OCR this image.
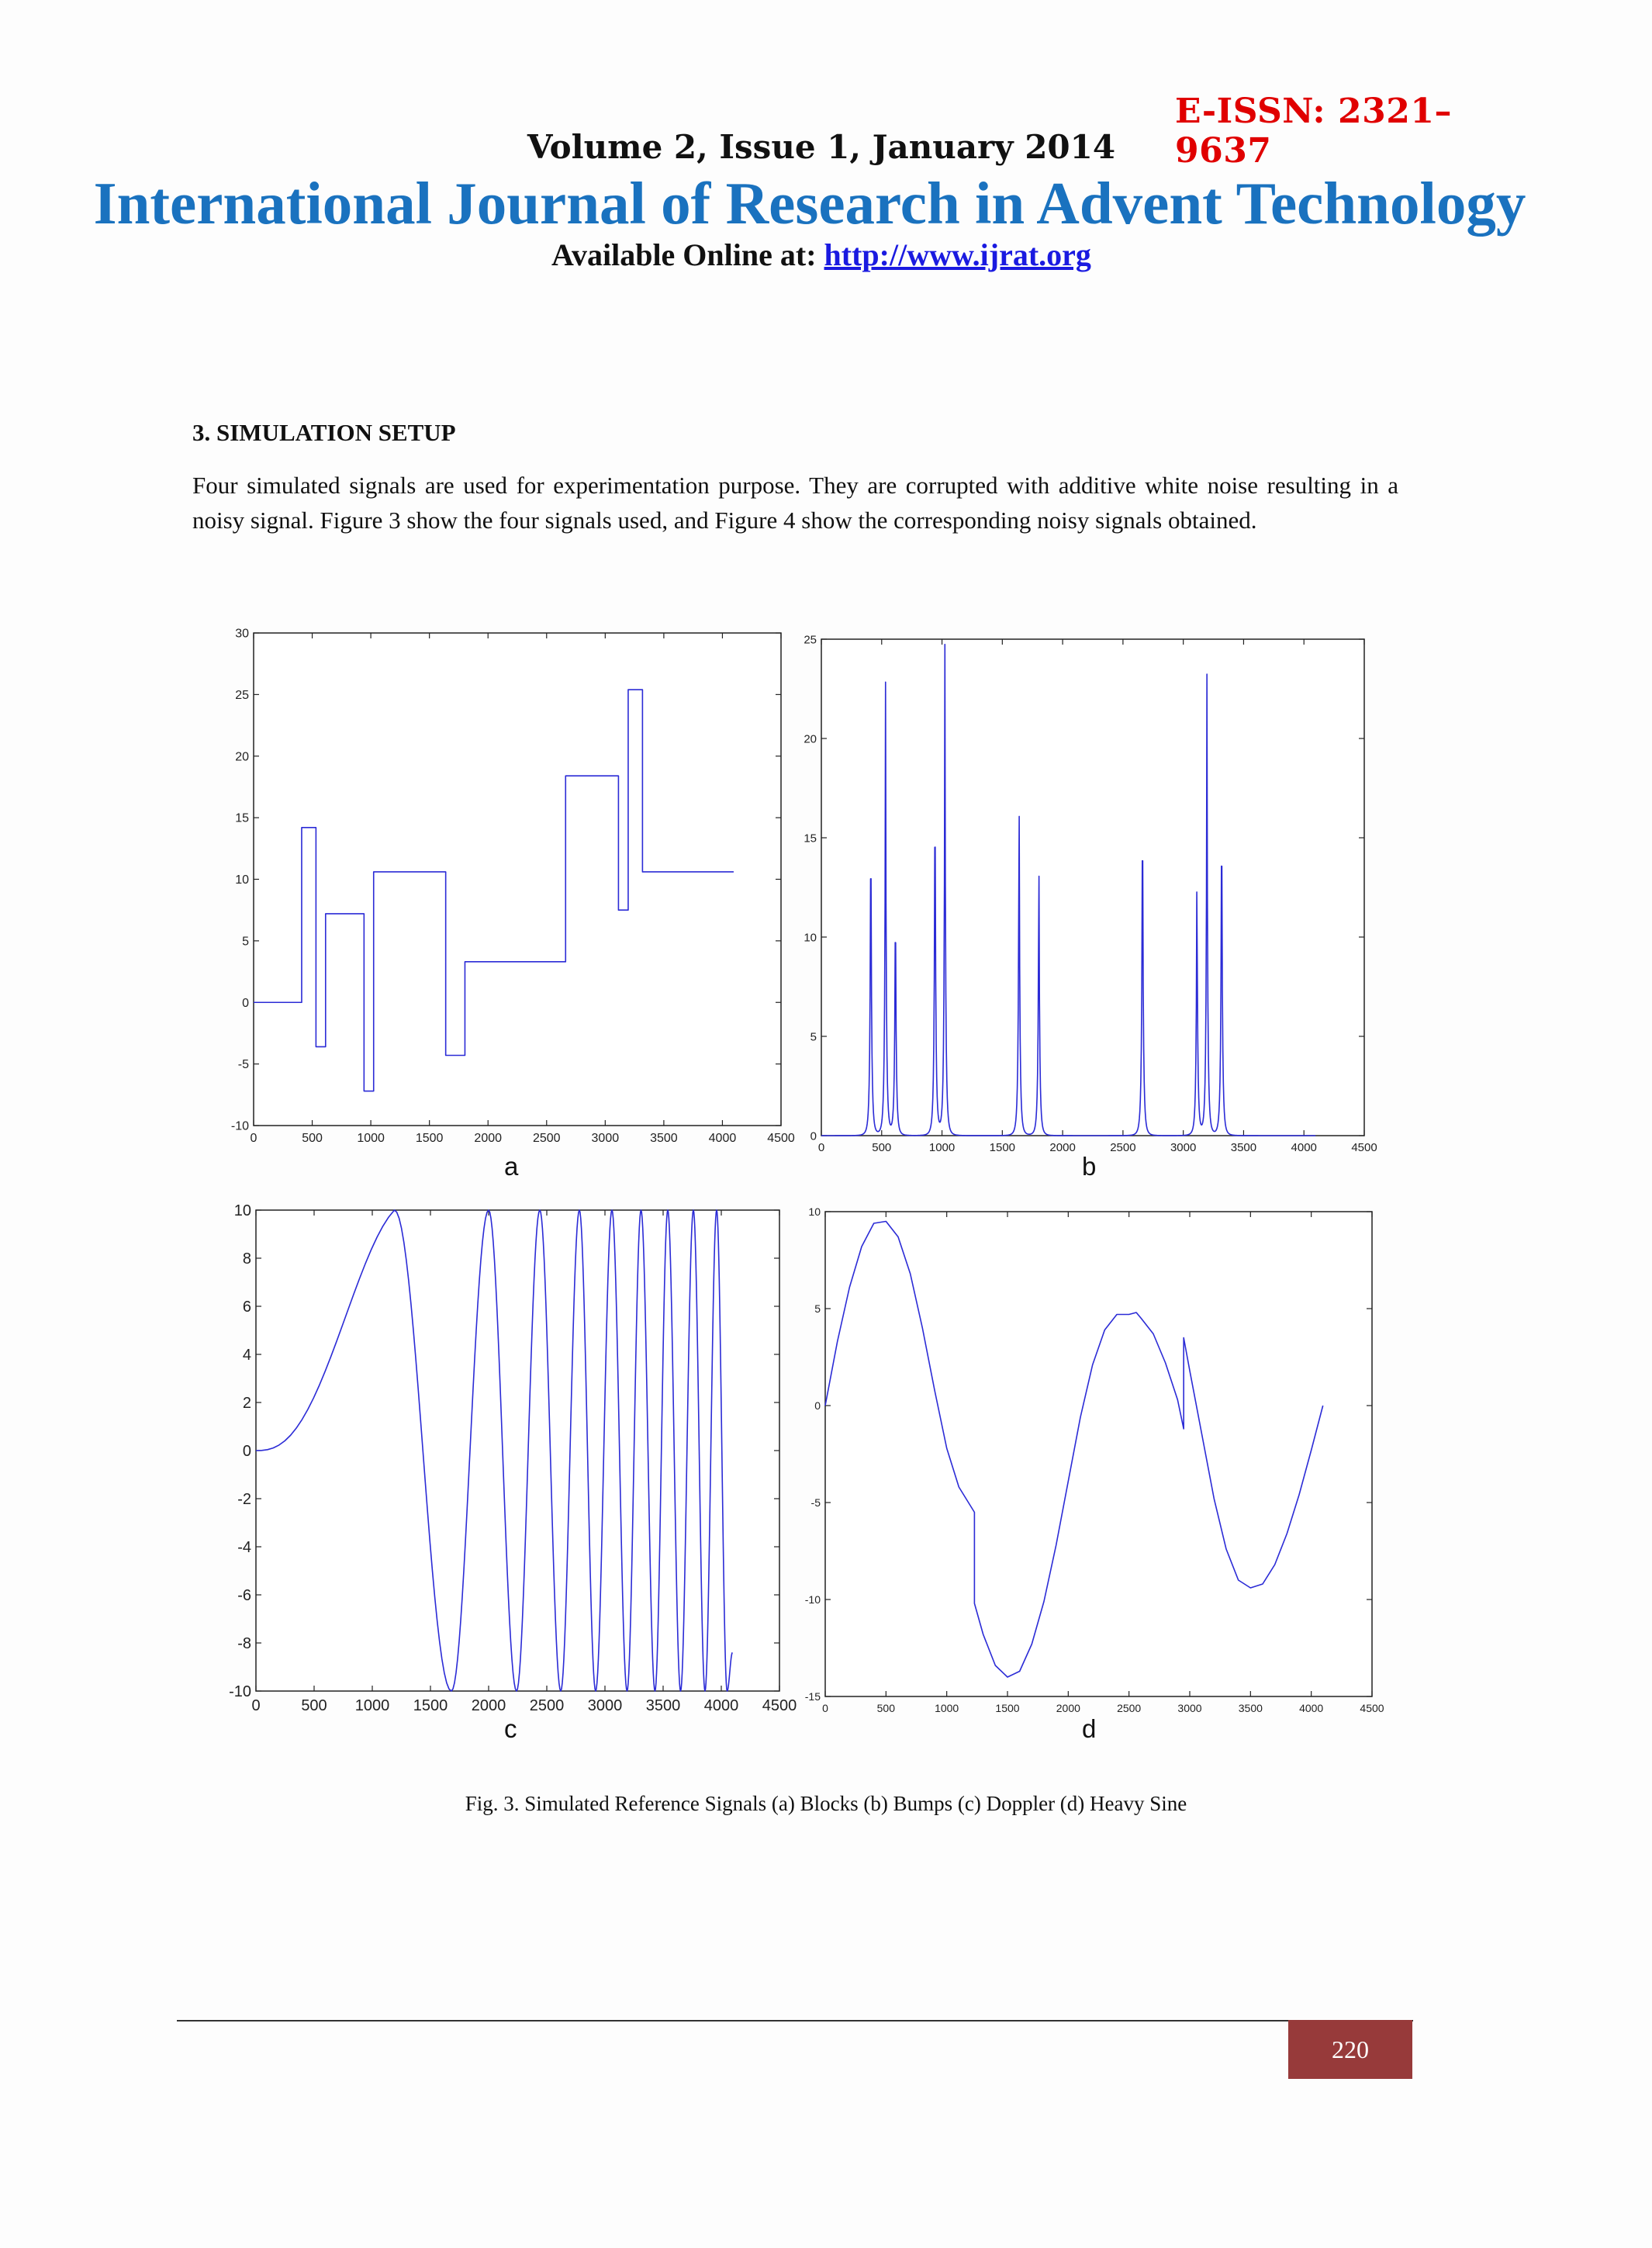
E-ISSN: 2321–9637
Volume 2, Issue 1, January 2014
International Journal of Research in Advent Technology
Available Online at: http://www.ijrat.org
3. SIMULATION SETUP
Four simulated signals are used for experimentation purpose. They are corrupted with additive white noise resulting in a noisy signal. Figure 3 show the four signals used, and Figure 4 show the corresponding noisy signals obtained.
0	500	1000 1500 2000 2500 3000 3500 4000 4500
-10
-5
0
5
10
15
20
25
30
0	500	1000	1500	2000	2500	3000	3500	4000	4500
0
5
10
15
20
25
0	500 1000 1500 2000 2500 3000 3500 4000 4500
-10
-8
-6
-4
-2
0
2
4
6
8
10
0	500	1000	1500	2000	2500	3000	3500	4000	4500
-15
-10
-5
0
5
10
a	b
c	d
Fig. 3. Simulated Reference Signals (a) Blocks (b) Bumps (c) Doppler (d) Heavy Sine
220
